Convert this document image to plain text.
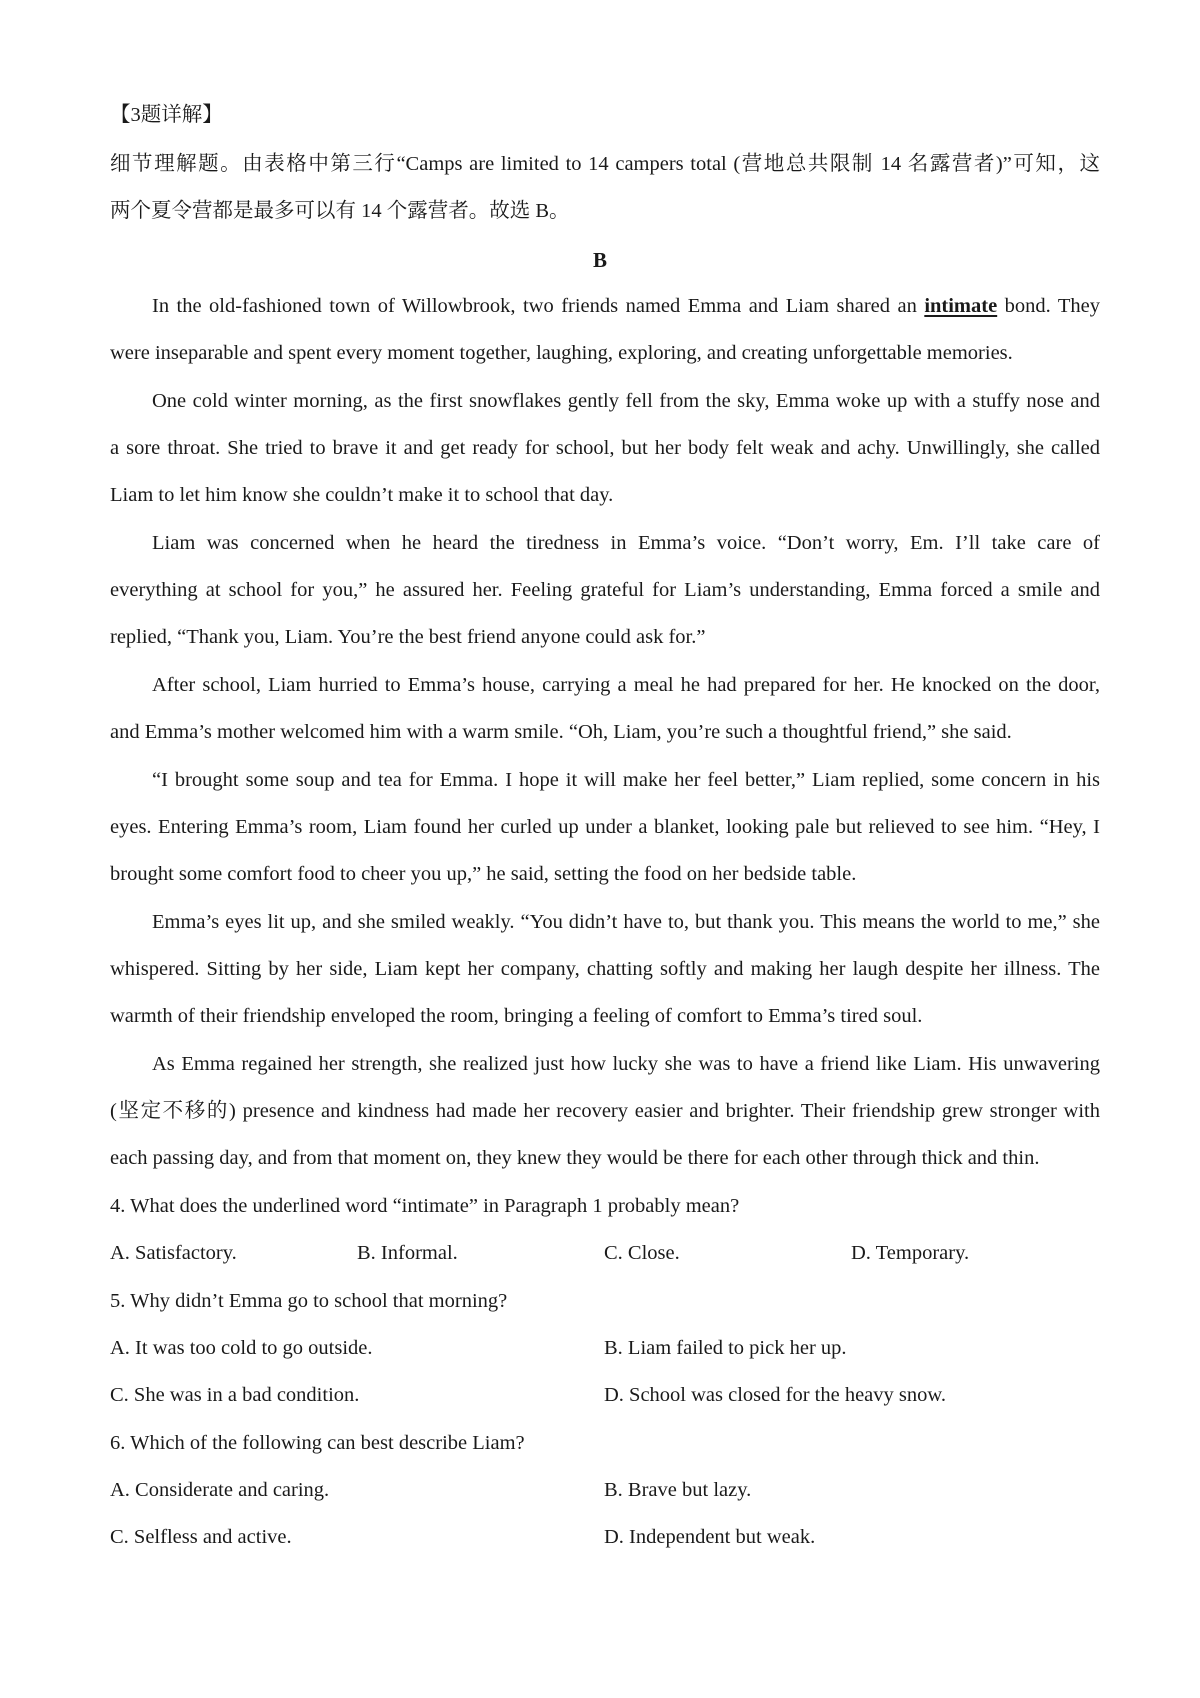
【3题详解】
细节理解题。由表格中第三行“Camps are limited to 14 campers total (营地总共限制 14 名露营者)”可知，这
两个夏令营都是最多可以有 14 个露营者。故选 B。
B
In the old-fashioned town of Willowbrook, two friends named Emma and Liam shared an intimate bond. They
were inseparable and spent every moment together, laughing, exploring, and creating unforgettable memories.
One cold winter morning, as the first snowflakes gently fell from the sky, Emma woke up with a stuffy nose and
a sore throat. She tried to brave it and get ready for school, but her body felt weak and achy. Unwillingly, she called
Liam to let him know she couldn’t make it to school that day.
Liam was concerned when he heard the tiredness in Emma’s voice. “Don’t worry, Em. I’ll take care of
everything at school for you,” he assured her. Feeling grateful for Liam’s understanding, Emma forced a smile and
replied, “Thank you, Liam. You’re the best friend anyone could ask for.”
After school, Liam hurried to Emma’s house, carrying a meal he had prepared for her. He knocked on the door,
and Emma’s mother welcomed him with a warm smile. “Oh, Liam, you’re such a thoughtful friend,” she said.
“I brought some soup and tea for Emma. I hope it will make her feel better,” Liam replied, some concern in his
eyes. Entering Emma’s room, Liam found her curled up under a blanket, looking pale but relieved to see him. “Hey, I
brought some comfort food to cheer you up,” he said, setting the food on her bedside table.
Emma’s eyes lit up, and she smiled weakly. “You didn’t have to, but thank you. This means the world to me,” she
whispered. Sitting by her side, Liam kept her company, chatting softly and making her laugh despite her illness. The
warmth of their friendship enveloped the room, bringing a feeling of comfort to Emma’s tired soul.
As Emma regained her strength, she realized just how lucky she was to have a friend like Liam. His unwavering
(坚定不移的) presence and kindness had made her recovery easier and brighter. Their friendship grew stronger with
each passing day, and from that moment on, they knew they would be there for each other through thick and thin.
4. What does the underlined word “intimate” in Paragraph 1 probably mean?
A. Satisfactory.	B. Informal.	C. Close.	D. Temporary.
5. Why didn’t Emma go to school that morning?
A. It was too cold to go outside.	B. Liam failed to pick her up.
C. She was in a bad condition.	D. School was closed for the heavy snow.
6. Which of the following can best describe Liam?
A. Considerate and caring.	B. Brave but lazy.
C. Selfless and active.	D. Independent but weak.
